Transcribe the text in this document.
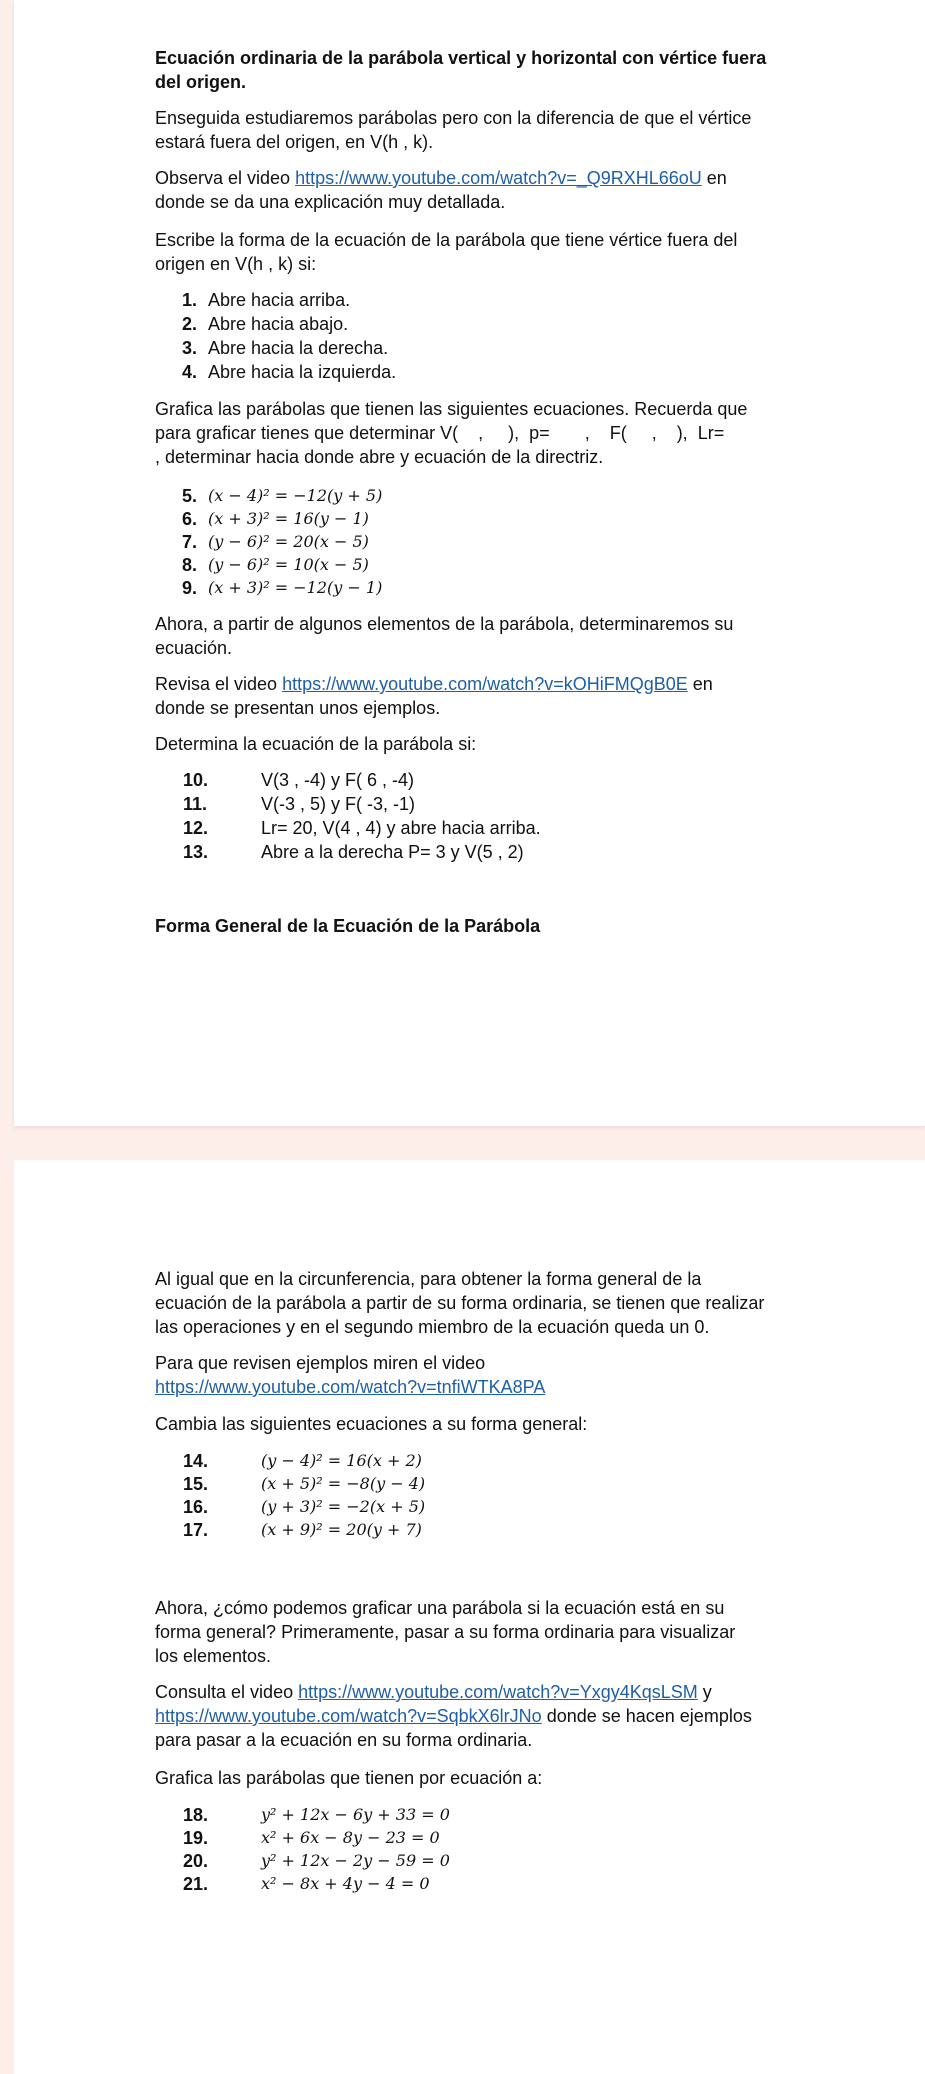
Ecuación ordinaria de la parábola vertical y horizontal con vértice fuera
del origen.
Enseguida estudiaremos parábolas pero con la diferencia de que el vértice
estará fuera del origen, en V(h , k).
Observa el video https://www.youtube.com/watch?v=_Q9RXHL66oU en
donde se da una explicación muy detallada.
Escribe la forma de la ecuación de la parábola que tiene vértice fuera del
origen en V(h , k) si:
1. Abre hacia arriba.
2. Abre hacia abajo.
3. Abre hacia la derecha.
4. Abre hacia la izquierda.
Grafica las parábolas que tienen las siguientes ecuaciones. Recuerda que
para graficar tienes que determinar V(    ,     ),  p=       ,    F(     ,    ),  Lr=
, determinar hacia donde abre y ecuación de la directriz.
5. (x − 4)² = −12(y + 5)
6. (x + 3)² = 16(y − 1)
7. (y − 6)² = 20(x − 5)
8. (y − 6)² = 10(x − 5)
9. (x + 3)² = −12(y − 1)
Ahora, a partir de algunos elementos de la parábola, determinaremos su
ecuación.
Revisa el video https://www.youtube.com/watch?v=kOHiFMQgB0E en
donde se presentan unos ejemplos.
Determina la ecuación de la parábola si:
10.	V(3 , -4) y F( 6 , -4)
11.	V(-3 , 5) y F( -3, -1)
12.	Lr= 20, V(4 , 4) y abre hacia arriba.
13.	Abre a la derecha P= 3 y V(5 , 2)
Forma General de la Ecuación de la Parábola
Al igual que en la circunferencia, para obtener la forma general de la
ecuación de la parábola a partir de su forma ordinaria, se tienen que realizar
las operaciones y en el segundo miembro de la ecuación queda un 0.
Para que revisen ejemplos miren el video
https://www.youtube.com/watch?v=tnfiWTKA8PA
Cambia las siguientes ecuaciones a su forma general:
14.	(y − 4)² = 16(x + 2)
15.	(x + 5)² = −8(y − 4)
16.	(y + 3)² = −2(x + 5)
17.	(x + 9)² = 20(y + 7)
Ahora, ¿cómo podemos graficar una parábola si la ecuación está en su
forma general? Primeramente, pasar a su forma ordinaria para visualizar
los elementos.
Consulta el video https://www.youtube.com/watch?v=Yxgy4KqsLSM y
https://www.youtube.com/watch?v=SqbkX6lrJNo donde se hacen ejemplos
para pasar a la ecuación en su forma ordinaria.
Grafica las parábolas que tienen por ecuación a:
18.	y² + 12x − 6y + 33 = 0
19.	x² + 6x − 8y − 23 = 0
20.	y² + 12x − 2y − 59 = 0
21.	x² − 8x + 4y − 4 = 0
